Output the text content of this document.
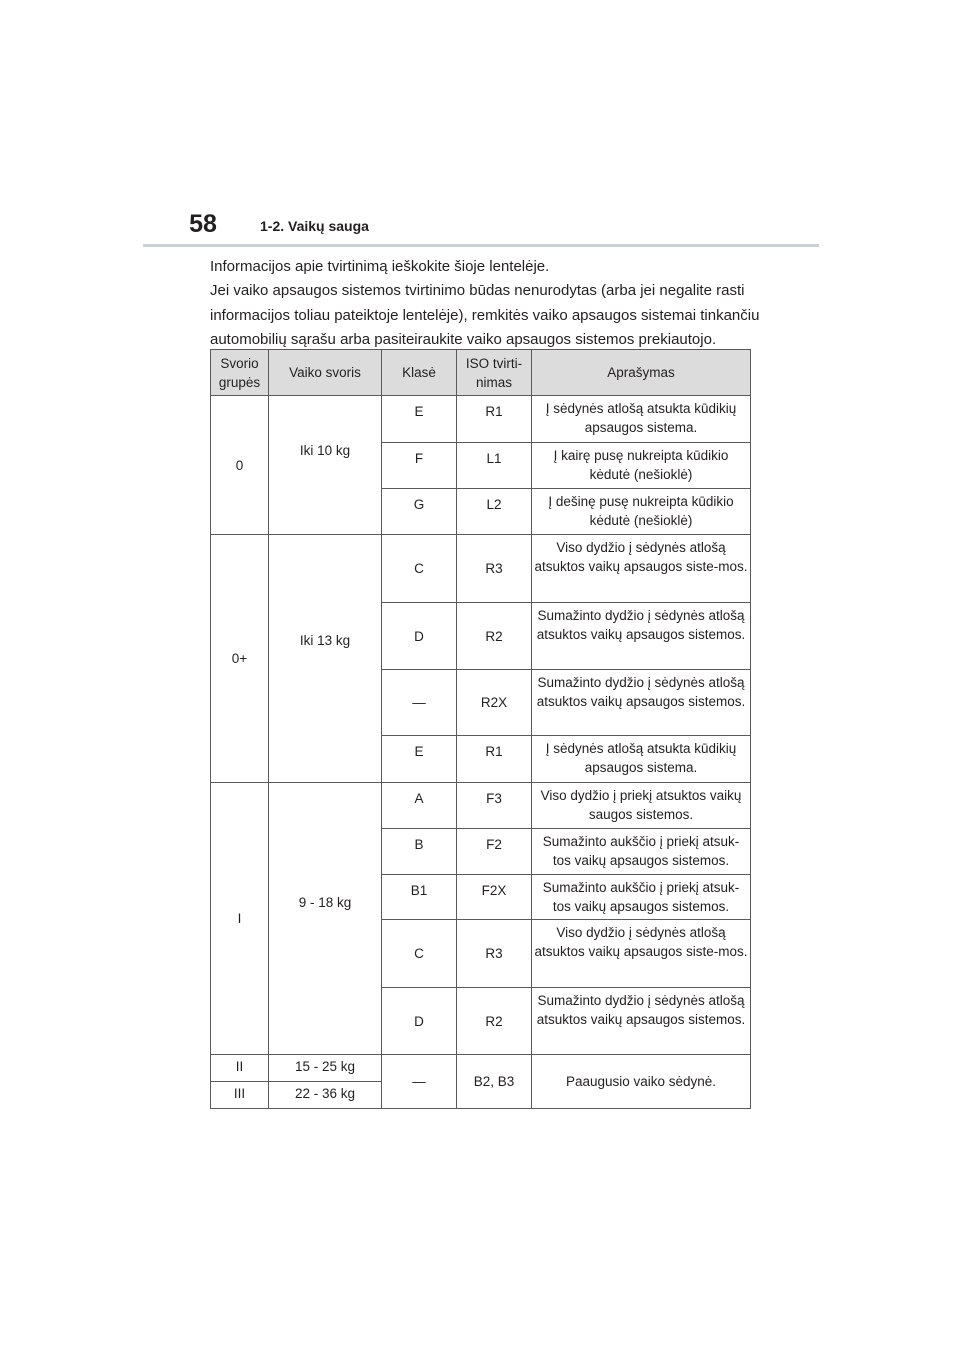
58	1-2. Vaikų sauga

Informacijos apie tvirtinimą ieškokite šioje lentelėje.

Jei vaiko apsaugos sistemos tvirtinimo būdas nenurodytas (arba jei negalite rasti informacijos toliau pateiktoje lentelėje), remkitės vaiko apsaugos sistemai tinkančiu automobilių sąrašu arba pasiteiraukite vaiko apsaugos sistemos prekiautojo.

Svorio grupės	Vaiko svoris	Klasė	ISO tvirti-nimas	Aprašymas
0	Iki 10 kg	E	R1	Į sėdynės atlošą atsukta kūdikių apsaugos sistema.
		F	L1	Į kairę pusę nukreipta kūdikio kėdutė (nešioklė)
		G	L2	Į dešinę pusę nukreipta kūdikio kėdutė (nešioklė)
0+	Iki 13 kg	C	R3	Viso dydžio į sėdynės atlošą atsuktos vaikų apsaugos siste-mos.
		D	R2	Sumažinto dydžio į sėdynės atlošą atsuktos vaikų apsaugos sistemos.
		—	R2X	Sumažinto dydžio į sėdynės atlošą atsuktos vaikų apsaugos sistemos.
		E	R1	Į sėdynės atlošą atsukta kūdikių apsaugos sistema.
I	9 - 18 kg	A	F3	Viso dydžio į priekį atsuktos vaikų saugos sistemos.
		B	F2	Sumažinto aukščio į priekį atsuk-tos vaikų apsaugos sistemos.
		B1	F2X	Sumažinto aukščio į priekį atsuk-tos vaikų apsaugos sistemos.
		C	R3	Viso dydžio į sėdynės atlošą atsuktos vaikų apsaugos siste-mos.
		D	R2	Sumažinto dydžio į sėdynės atlošą atsuktos vaikų apsaugos sistemos.
II	15 - 25 kg	—	B2, B3	Paaugusio vaiko sėdynė.
III	22 - 36 kg			
